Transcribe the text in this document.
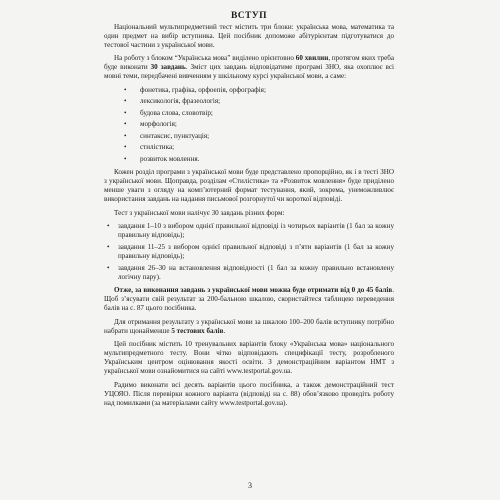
ВСТУП

Національний мультипредметний тест містить три блоки: українська мова, математика та один предмет на вибір вступника. Цей посібник допоможе абітурієнтам підготуватися до тестової частини з української мови.

На роботу з блоком “Українська мова” виділено орієнтовно 60 хвилин, протягом яких треба буде виконати 30 завдань. Зміст цих завдань відповідатиме програмі ЗНО, яка охоплює всі мовні теми, передбачені вивченням у шкільному курсі української мови, а саме:

• фонетика, графіка, орфоепія, орфографія;
• лексикологія, фразеологія;
• будова слова, словотвір;
• морфологія;
• синтаксис, пунктуація;
• стилістика;
• розвиток мовлення.

Кожен розділ програми з української мови буде представлено пропорційно, як і в тесті ЗНО з української мови. Щоправда, розділам «Стилістика» та «Розвиток мовлення» буде приділено менше уваги з огляду на комп’ютерний формат тестування, який, зокрема, унеможливлює використання завдань на надання письмової розгорнутої чи короткої відповіді.

Тест з української мови налічує 30 завдань різних форм:

• завдання 1–10 з вибором однієї правильної відповіді із чотирьох варіантів (1 бал за кожну правильну відповідь);
• завдання 11–25 з вибором однієї правильної відповіді з п’яти варіантів (1 бал за кожну правильну відповідь);
• завдання 26–30 на встановлення відповідності (1 бал за кожну правильно встановлену логічну пару).

Отже, за виконання завдань з української мови можна буде отримати від 0 до 45 балів. Щоб з’ясувати свій результат за 200-бальною шкалою, скористайтеся таблицею переведення балів на с. 87 цього посібника.

Для отримання результату з української мови за шкалою 100–200 балів вступнику потрібно набрати щонайменше 5 тестових балів.

Цей посібник містить 10 тренувальних варіантів блоку «Українська мова» національного мультипредметного тесту. Вони чітко відповідають специфікації тесту, розробленого Українським центром оцінювання якості освіти. З демонстраційним варіантом НМТ з української мови ознайомитися на сайті www.testportal.gov.ua.

Радимо виконати всі десять варіантів цього посібника, а також демонстраційний тест УЦОЯО. Після перевірки кожного варіанта (відповіді на с. 88) обов’язково проведіть роботу над помилками (за матеріалами сайту www.testportal.gov.ua).

3
